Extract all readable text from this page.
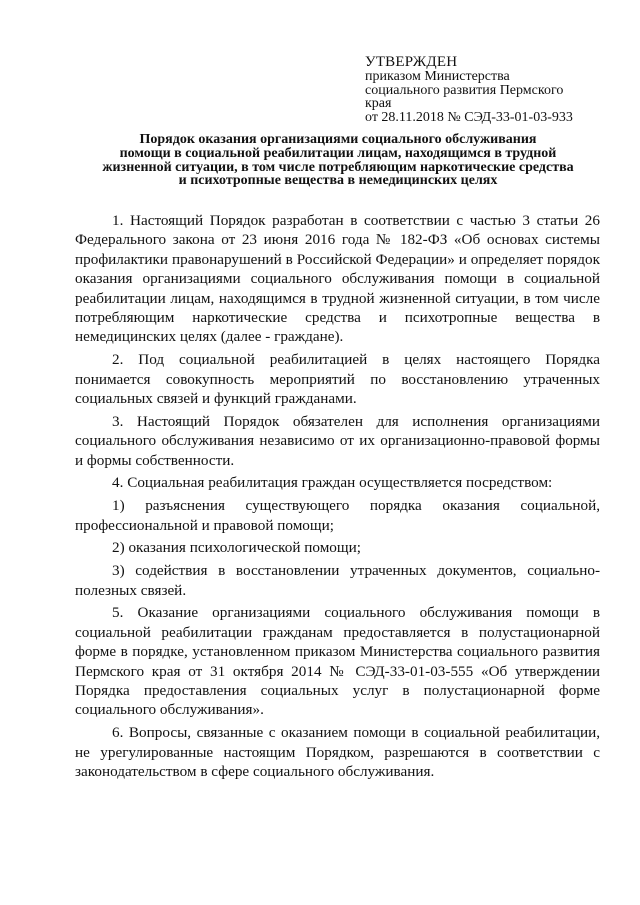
УТВЕРЖДЕН
приказом Министерства
социального развития Пермского
края
от 28.11.2018 № СЭД-33-01-03-933
Порядок оказания организациями социального обслуживания
помощи в социальной реабилитации лицам, находящимся в трудной
жизненной ситуации, в том числе потребляющим наркотические средства
и психотропные вещества в немедицинских целях

1. Настоящий Порядок разработан в соответствии с частью 3 статьи 26 Федерального закона от 23 июня 2016 года № 182-ФЗ «Об основах системы профилактики правонарушений в Российской Федерации» и определяет порядок оказания организациями социального обслуживания помощи в социальной реабилитации лицам, находящимся в трудной жизненной ситуации, в том числе потребляющим наркотические средства и психотропные вещества в немедицинских целях (далее - граждане).

2. Под социальной реабилитацией в целях настоящего Порядка понимается совокупность мероприятий по восстановлению утраченных социальных связей и функций гражданами.

3. Настоящий Порядок обязателен для исполнения организациями социального обслуживания независимо от их организационно-правовой формы и формы собственности.

4. Социальная реабилитация граждан осуществляется посредством:

1) разъяснения существующего порядка оказания социальной, профессиональной и правовой помощи;

2) оказания психологической помощи;

3) содействия в восстановлении утраченных документов, социально-полезных связей.

5. Оказание организациями социального обслуживания помощи в социальной реабилитации гражданам предоставляется в полустационарной форме в порядке, установленном приказом Министерства социального развития Пермского края от 31 октября 2014 № СЭД-33-01-03-555 «Об утверждении Порядка предоставления социальных услуг в полустационарной форме социального обслуживания».

6. Вопросы, связанные с оказанием помощи в социальной реабилитации, не урегулированные настоящим Порядком, разрешаются в соответствии с законодательством в сфере социального обслуживания.
